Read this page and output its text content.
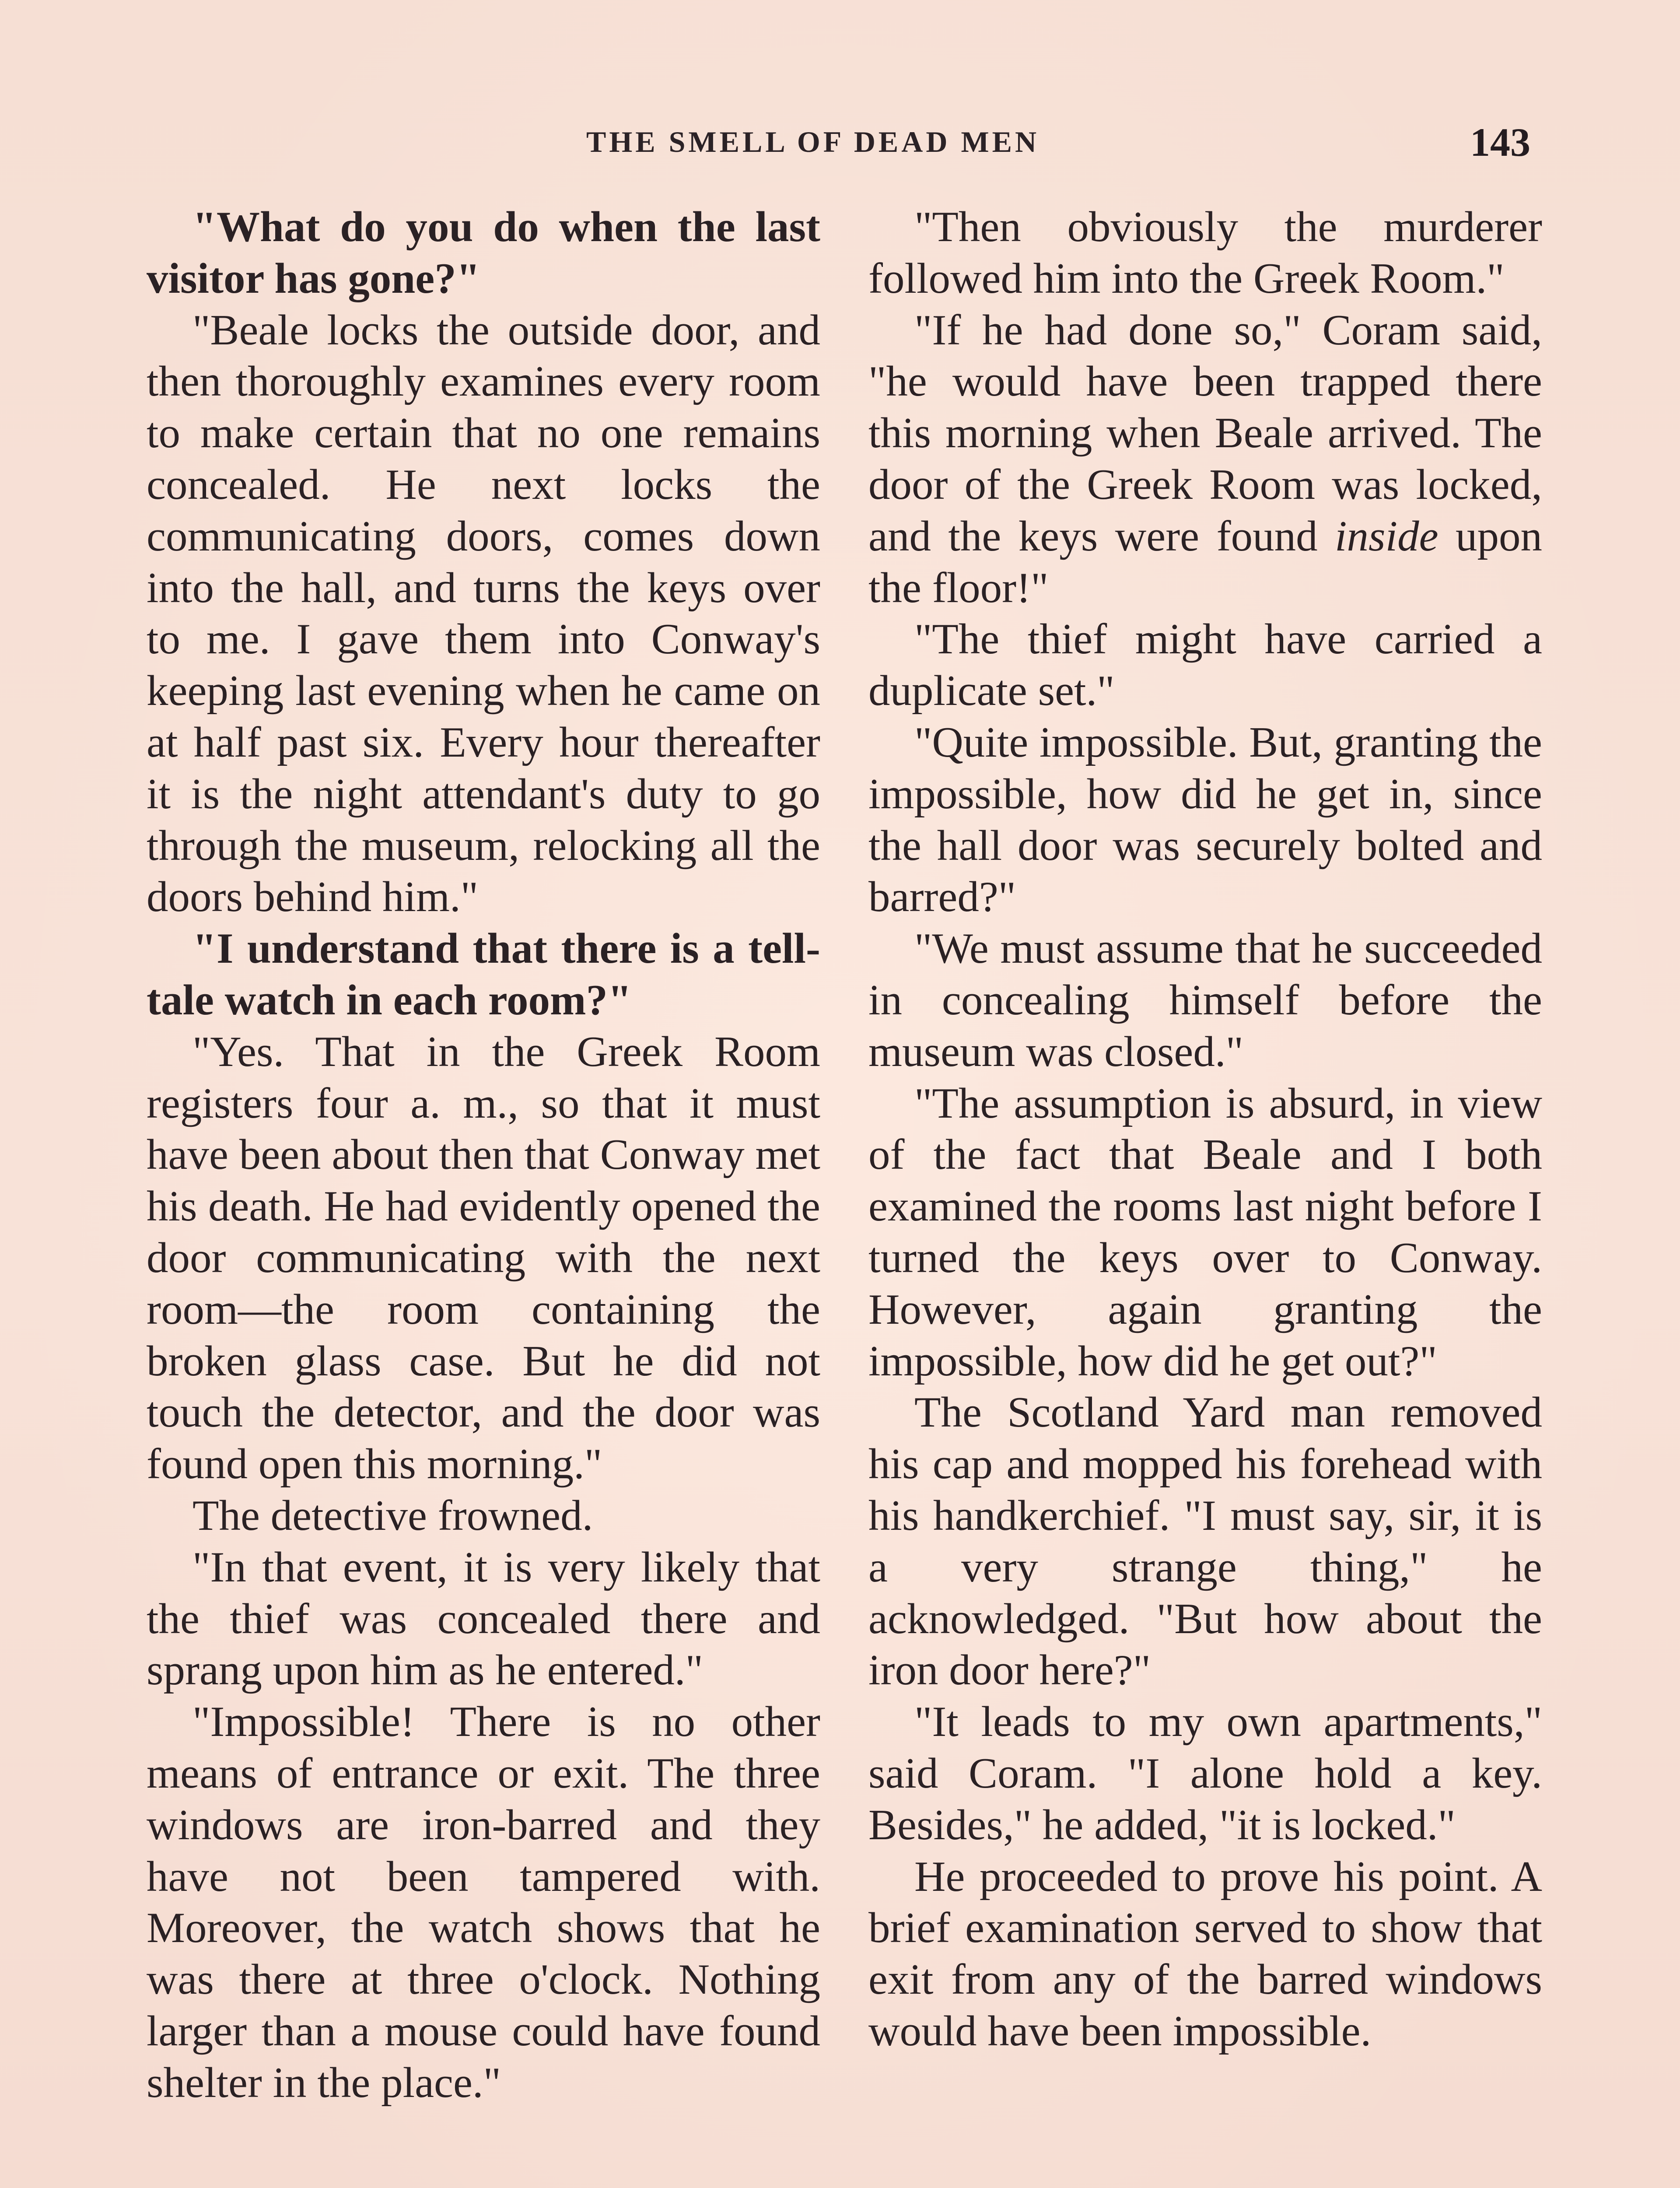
THE SMELL OF DEAD MEN	143

"What do you do when the last visitor has gone?"

"Beale locks the outside door, and then thoroughly examines every room to make certain that no one remains concealed. He next locks the communicating doors, comes down into the hall, and turns the keys over to me. I gave them into Conway's keeping last evening when he came on at half past six. Every hour thereafter it is the night attendant's duty to go through the museum, relocking all the doors behind him."

"I understand that there is a tell-tale watch in each room?"

"Yes. That in the Greek Room registers four a. m., so that it must have been about then that Conway met his death. He had evidently opened the door communicating with the next room—the room containing the broken glass case. But he did not touch the detector, and the door was found open this morning."

The detective frowned.

"In that event, it is very likely that the thief was concealed there and sprang upon him as he entered."

"Impossible! There is no other means of entrance or exit. The three windows are iron-barred and they have not been tampered with. Moreover, the watch shows that he was there at three o'clock. Nothing larger than a mouse could have found shelter in the place."

"Then obviously the murderer followed him into the Greek Room."

"If he had done so," Coram said, "he would have been trapped there this morning when Beale arrived. The door of the Greek Room was locked, and the keys were found inside upon the floor!"

"The thief might have carried a duplicate set."

"Quite impossible. But, granting the impossible, how did he get in, since the hall door was securely bolted and barred?"

"We must assume that he succeeded in concealing himself before the museum was closed."

"The assumption is absurd, in view of the fact that Beale and I both examined the rooms last night before I turned the keys over to Conway. However, again granting the impossible, how did he get out?"

The Scotland Yard man removed his cap and mopped his forehead with his handkerchief. "I must say, sir, it is a very strange thing," he acknowledged. "But how about the iron door here?"

"It leads to my own apartments," said Coram. "I alone hold a key. Besides," he added, "it is locked."

He proceeded to prove his point. A brief examination served to show that exit from any of the barred windows would have been impossible.
